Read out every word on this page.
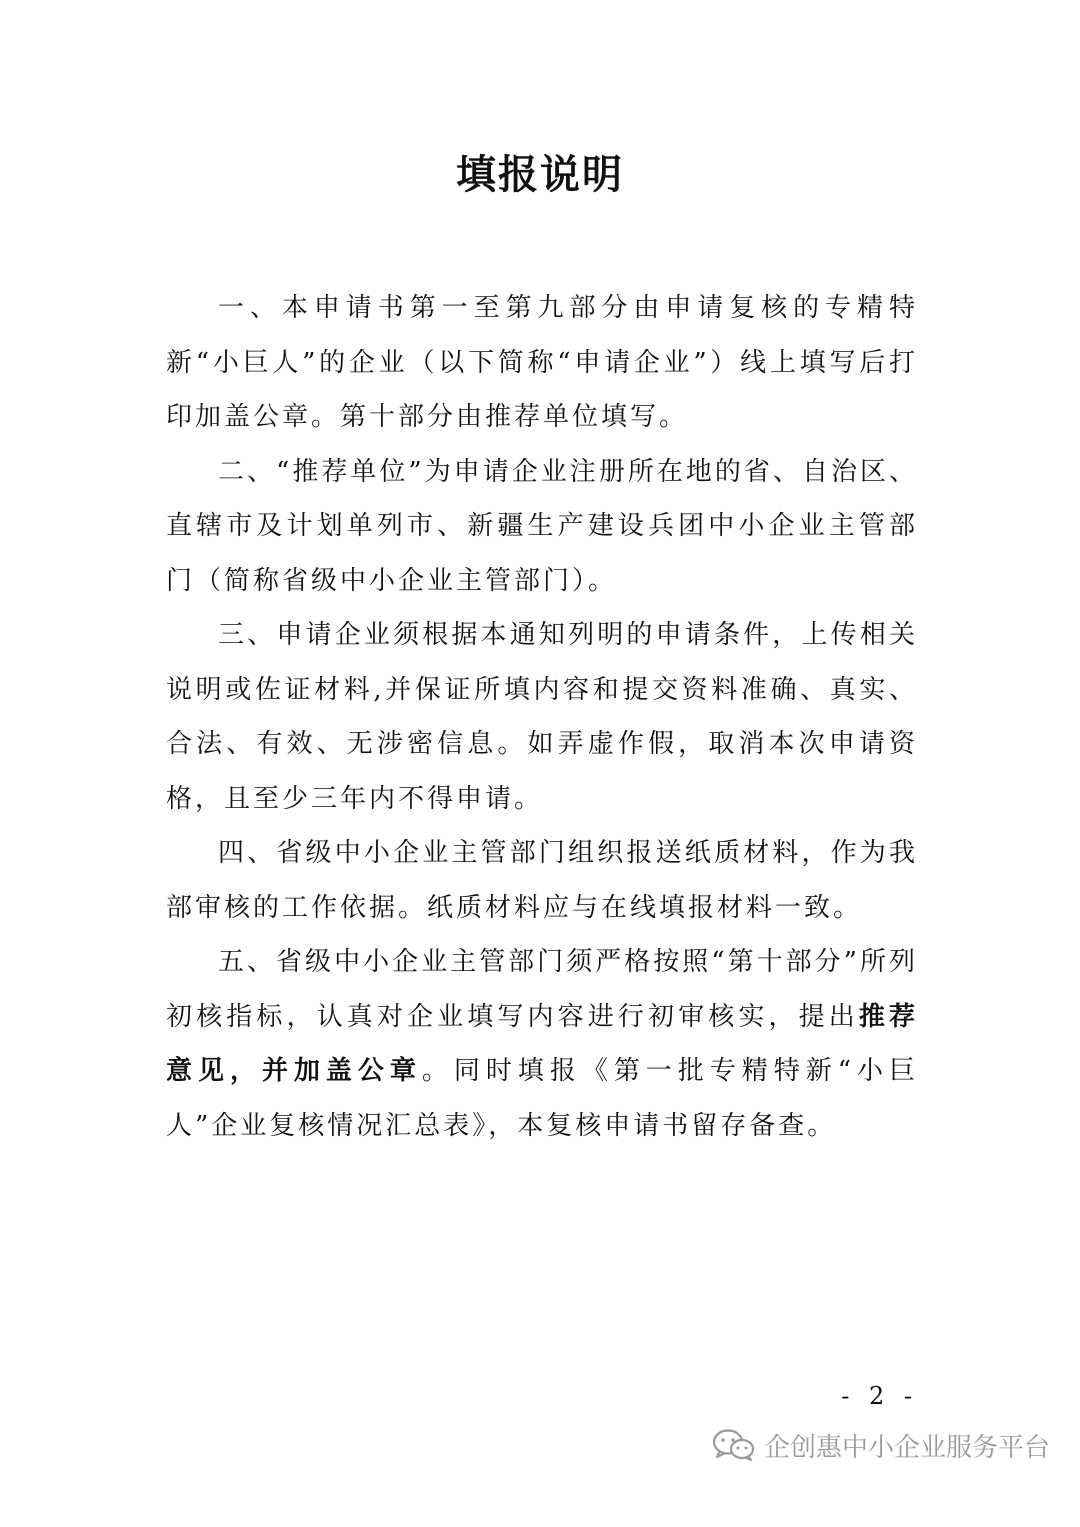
填报说明

一、本申请书第一至第九部分由申请复核的专精特新“小巨人”的企业（以下简称“申请企业”）线上填写后打印加盖公章。第十部分由推荐单位填写。

二、“推荐单位”为申请企业注册所在地的省、自治区、直辖市及计划单列市、新疆生产建设兵团中小企业主管部门（简称省级中小企业主管部门）。

三、申请企业须根据本通知列明的申请条件，上传相关说明或佐证材料,并保证所填内容和提交资料准确、真实、合法、有效、无涉密信息。如弄虚作假，取消本次申请资格，且至少三年内不得申请。

四、省级中小企业主管部门组织报送纸质材料，作为我部审核的工作依据。纸质材料应与在线填报材料一致。

五、省级中小企业主管部门须严格按照“第十部分”所列初核指标，认真对企业填写内容进行初审核实，提出推荐意见，并加盖公章。同时填报《第一批专精特新“小巨人”企业复核情况汇总表》，本复核申请书留存备查。

- 2 -
企创惠中小企业服务平台
